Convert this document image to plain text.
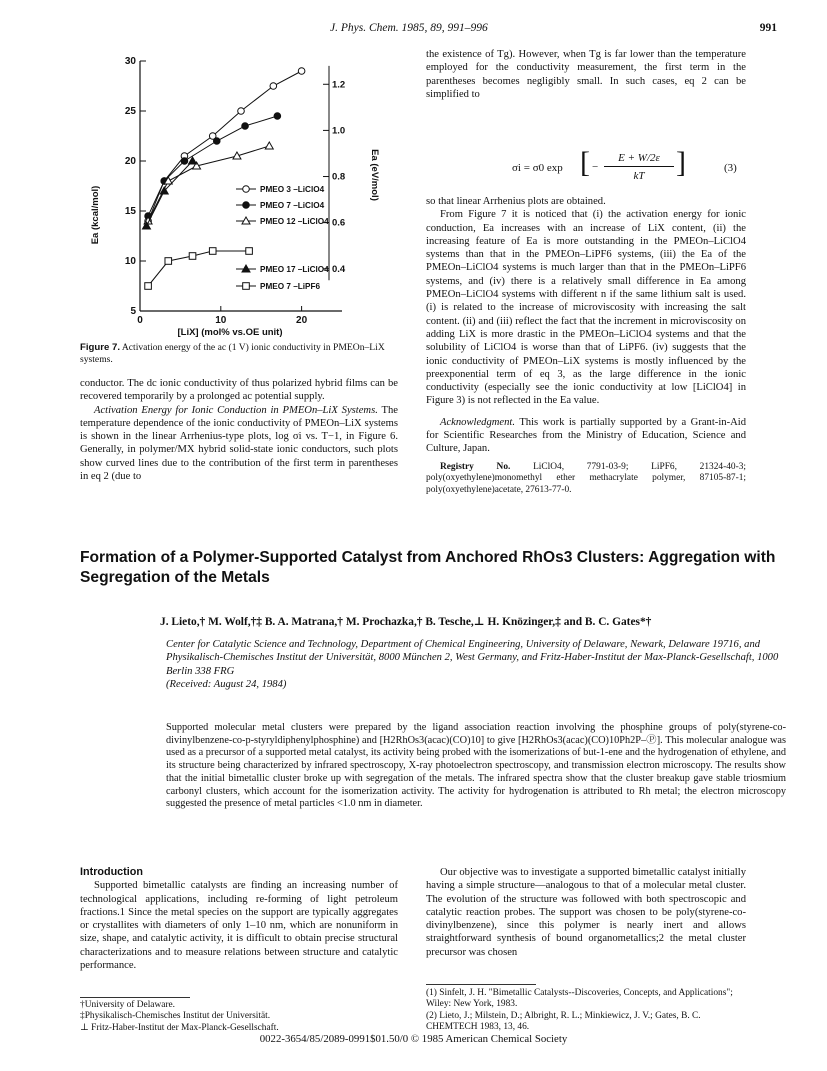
J. Phys. Chem. 1985, 89, 991–996	991
5
10
15
20
25
30
0.4
0.6
0.8
1.0
1.2
0	10	20
[LiX] (mol% vs.OE unit)
Ea (kcal/mol)
Ea (eV/mol)
PMEO 3 –LiClO4
PMEO 7 –LiClO4
PMEO 12 –LiClO4
PMEO 17 –LiClO4
PMEO 7 –LiPF6
Figure 7. Activation energy of the ac (1 V) ionic conductivity in PMEOn–LiX systems.

conductor. The dc ionic conductivity of thus polarized hybrid films can be recovered temporarily by a prolonged ac potential supply.

Activation Energy for Ionic Conduction in PMEOn–LiX Systems. The temperature dependence of the ionic conductivity of PMEOn–LiX systems is shown in the linear Arrhenius-type plots, log σi vs. T−1, in Figure 6. Generally, in polymer/MX hybrid solid-state ionic conductors, such plots show curved lines due to the contribution of the first term in parentheses in eq 2 (due to

the existence of Tg). However, when Tg is far lower than the temperature employed for the conductivity measurement, the first term in the parentheses becomes negligibly small. In such cases, eq 2 can be simplified to

σi = σ0 exp [ −
E + W/2ε
kT	]	(3)

so that linear Arrhenius plots are obtained.

From Figure 7 it is noticed that (i) the activation energy for ionic conduction, Ea increases with an increase of LiX content, (ii) the increasing feature of Ea is more outstanding in the PMEOn–LiClO4 systems than that in the PMEOn–LiPF6 systems, (iii) the Ea of the PMEOn–LiClO4 systems is much larger than that in the PMEOn–LiPF6 systems, and (iv) there is a relatively small difference in Ea among PMEOn–LiClO4 systems with different n if the same lithium salt is used. (i) is related to the increase of microviscosity with increasing the salt content. (ii) and (iii) reflect the fact that the increment in microviscosity on adding LiX is more drastic in the PMEOn–LiClO4 systems and that the solubility of LiClO4 is worse than that of LiPF6. (iv) suggests that the ionic conductivity of PMEOn–LiX systems is mostly influenced by the preexponential term of eq 3, as the large difference in the ionic conductivity (especially see the ionic conductivity at low [LiClO4] in Figure 3) is not reflected in the Ea value.

Acknowledgment. This work is partially supported by a Grant-in-Aid for Scientific Researches from the Ministry of Education, Science and Culture, Japan.

Registry No. LiClO4, 7791-03-9; LiPF6, 21324-40-3; poly(oxyethylene)monomethyl ether methacrylate polymer, 87105-87-1; poly(oxyethylene)acetate, 27613-77-0.

Formation of a Polymer-Supported Catalyst from Anchored RhOs3 Clusters: Aggregation with Segregation of the Metals
J. Lieto,† M. Wolf,†‡ B. A. Matrana,† M. Prochazka,† B. Tesche,⊥ H. Knözinger,‡ and B. C. Gates*†
Center for Catalytic Science and Technology, Department of Chemical Engineering, University of Delaware, Newark, Delaware 19716, and Physikalisch-Chemisches Institut der Universität, 8000 München 2, West Germany, and Fritz-Haber-Institut der Max-Planck-Gesellschaft, 1000 Berlin 338 FRG
(Received: August 24, 1984)
Supported molecular metal clusters were prepared by the ligand association reaction involving the phosphine groups of poly(styrene-co-divinylbenzene-co-p-styryldiphenylphosphine) and [H2RhOs3(acac)(CO)10] to give [H2RhOs3(acac)(CO)10Ph2P–Ⓟ]. This molecular analogue was used as a precursor of a supported metal catalyst, its activity being probed with the isomerizations of but-1-ene and the hydrogenation of ethylene, and its structure being characterized by infrared spectroscopy, X-ray photoelectron spectroscopy, and transmission electron microscopy. The results show that the initial bimetallic cluster broke up with segregation of the metals. The infrared spectra show that the cluster breakup gave stable triosmium carbonyl clusters, which account for the isomerization activity. The activity for hydrogenation is attributed to Rh metal; the electron microscopy suggested the presence of metal particles <1.0 nm in diameter.
Introduction

Supported bimetallic catalysts are finding an increasing number of technological applications, including re-forming of light petroleum fractions.1 Since the metal species on the support are typically aggregates or crystallites with diameters of only 1–10 nm, which are nonuniform in size, shape, and catalytic activity, it is difficult to obtain precise structural characterizations and to measure relations between structure and catalytic performance.

Our objective was to investigate a supported bimetallic catalyst initially having a simple structure—analogous to that of a molecular metal cluster. The evolution of the structure was followed with both spectroscopic and catalytic reaction probes. The support was chosen to be poly(styrene-co-divinylbenzene), since this polymer is nearly inert and allows straightforward synthesis of bound organometallics;2 the metal cluster precursor was chosen

†University of Delaware.
‡Physikalisch-Chemisches Institut der Universität.
⊥ Fritz-Haber-Institut der Max-Planck-Gesellschaft.
(1) Sinfelt, J. H. "Bimetallic Catalysts--Discoveries, Concepts, and Applications"; Wiley: New York, 1983.
(2) Lieto, J.; Milstein, D.; Albright, R. L.; Minkiewicz, J. V.; Gates, B. C. CHEMTECH 1983, 13, 46.
0022-3654/85/2089-0991$01.50/0 © 1985 American Chemical Society
